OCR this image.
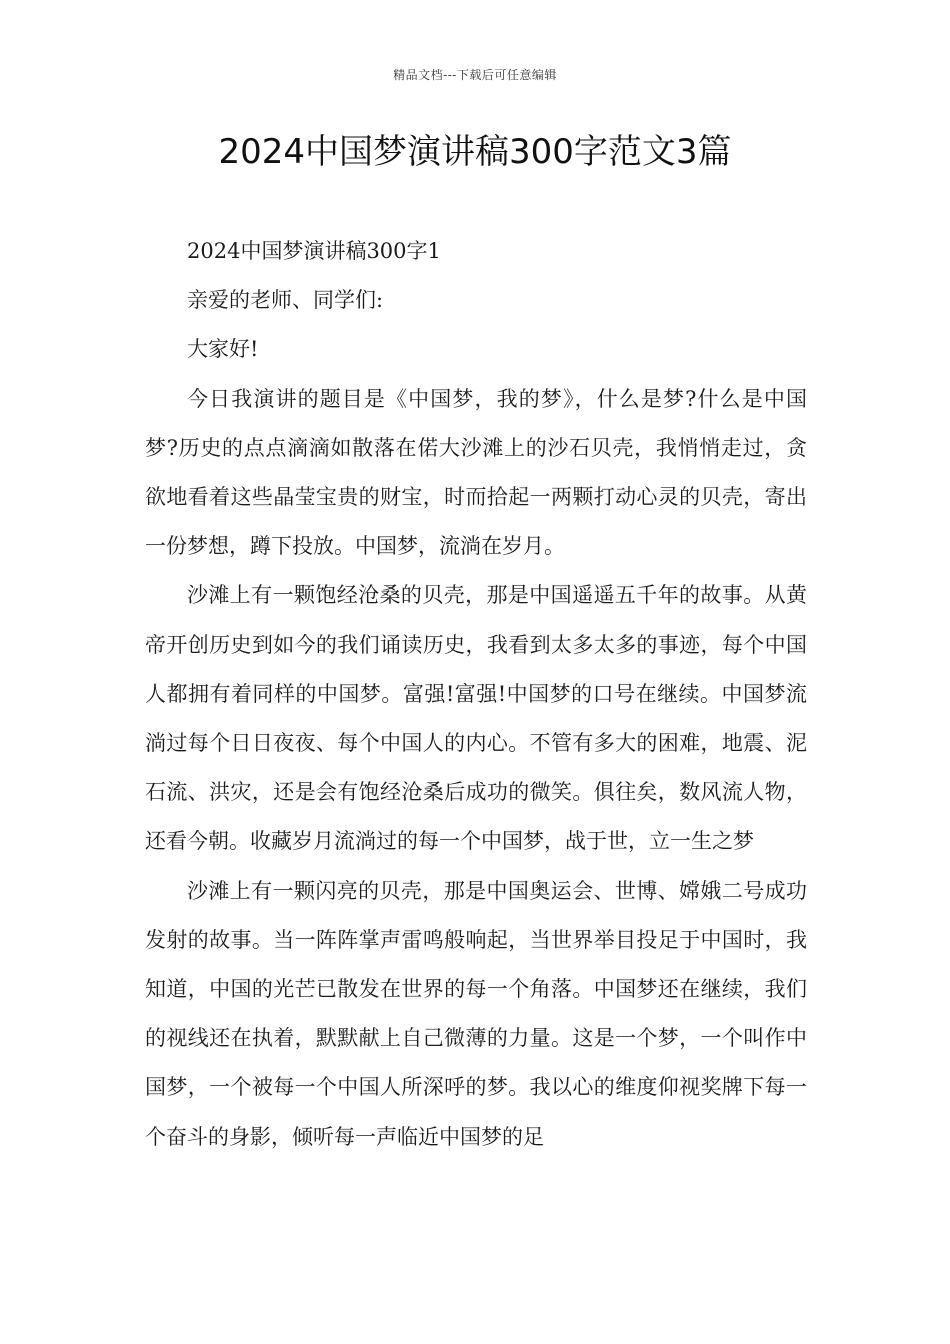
精品文档---下载后可任意编辑
2024中国梦演讲稿300字范文3篇

2024中国梦演讲稿300字1

亲爱的老师、同学们:

大家好!

今日我演讲的题目是《中国梦，我的梦》，什么是梦?什么是中国梦?历史的点点滴滴如散落在偌大沙滩上的沙石贝壳，我悄悄走过，贪欲地看着这些晶莹宝贵的财宝，时而拾起一两颗打动心灵的贝壳，寄出一份梦想，蹲下投放。中国梦，流淌在岁月。

沙滩上有一颗饱经沧桑的贝壳，那是中国遥遥五千年的故事。从黄帝开创历史到如今的我们诵读历史，我看到太多太多的事迹，每个中国人都拥有着同样的中国梦。富强!富强!中国梦的口号在继续。中国梦流淌过每个日日夜夜、每个中国人的内心。不管有多大的困难，地震、泥石流、洪灾，还是会有饱经沧桑后成功的微笑。俱往矣，数风流人物，还看今朝。收藏岁月流淌过的每一个中国梦，战于世，立一生之梦

沙滩上有一颗闪亮的贝壳，那是中国奥运会、世博、嫦娥二号成功发射的故事。当一阵阵掌声雷鸣般响起，当世界举目投足于中国时，我知道，中国的光芒已散发在世界的每一个角落。中国梦还在继续，我们的视线还在执着，默默献上自己微薄的力量。这是一个梦，一个叫作中国梦，一个被每一个中国人所深呼的梦。我以心的维度仰视奖牌下每一个奋斗的身影，倾听每一声临近中国梦的足
